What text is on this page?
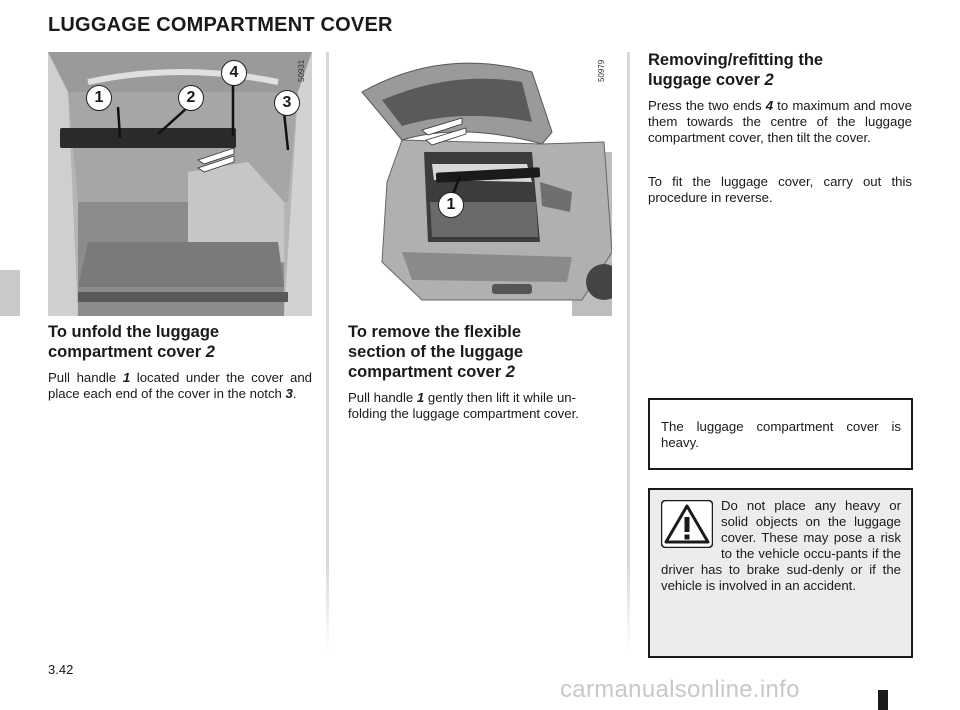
LUGGAGE COMPARTMENT COVER
1	2
4
3
50931
1
50979
To unfold the luggage
compartment cover 2

Pull handle 1 located under the cover and place each end of the cover in the notch 3.

To remove the flexible
section of the luggage
compartment cover 2

Pull handle 1 gently then lift it while un-folding the luggage compartment cover.

Removing/refitting the
luggage cover 2

Press the two ends 4 to maximum and move them towards the centre of the luggage compartment cover, then tilt the cover.

To fit the luggage cover, carry out this procedure in reverse.

The luggage compartment cover is heavy.

Do not place any heavy or solid objects on the luggage cover. These may pose a risk to the vehicle occu-pants if the driver has to brake sud-denly or if the vehicle is involved in an accident.

3.42
carmanualsonline.info
